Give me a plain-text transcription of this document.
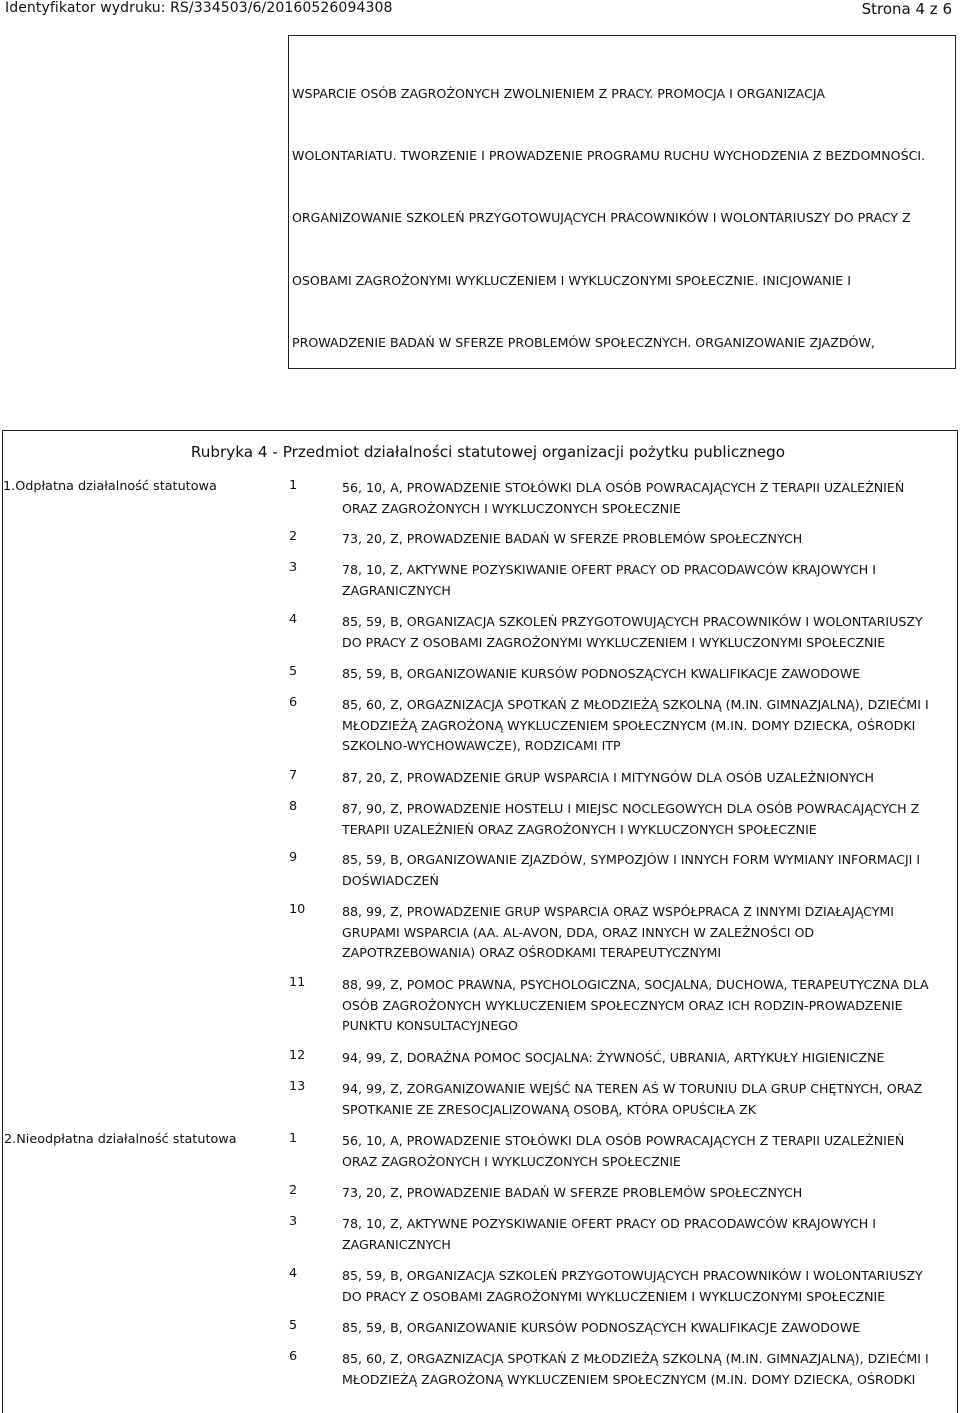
Identyfikator wydruku: RS/334503/6/20160526094308	Strona 4 z 6

WSPARCIE OSÓB ZAGROŻONYCH ZWOLNIENIEM Z PRACY. PROMOCJA I ORGANIZACJA

WOLONTARIATU. TWORZENIE I PROWADZENIE PROGRAMU RUCHU WYCHODZENIA Z BEZDOMNOŚCI.

ORGANIZOWANIE SZKOLEŃ PRZYGOTOWUJĄCYCH PRACOWNIKÓW I WOLONTARIUSZY DO PRACY Z

OSOBAMI ZAGROŻONYMI WYKLUCZENIEM I WYKLUCZONYMI SPOŁECZNIE. INICJOWANIE I

PROWADZENIE BADAŃ W SFERZE PROBLEMÓW SPOŁECZNYCH. ORGANIZOWANIE ZJAZDÓW,

Rubryka 4 - Przedmiot działalności statutowej organizacji pożytku publicznego
1.Odpłatna działalność statutowa	1	56, 10, A, PROWADZENIE STOŁÓWKI DLA OSÓB POWRACAJĄCYCH Z TERAPII UZALEŻNIEŃ
ORAZ ZAGROŻONYCH I WYKLUCZONYCH SPOŁECZNIE
2	73, 20, Z, PROWADZENIE BADAŃ W SFERZE PROBLEMÓW SPOŁECZNYCH
3	78, 10, Z, AKTYWNE POZYSKIWANIE OFERT PRACY OD PRACODAWCÓW KRAJOWYCH I
ZAGRANICZNYCH
4	85, 59, B, ORGANIZACJA SZKOLEŃ PRZYGOTOWUJĄCYCH PRACOWNIKÓW I WOLONTARIUSZY
DO PRACY Z OSOBAMI ZAGROŻONYMI WYKLUCZENIEM I WYKLUCZONYMI SPOŁECZNIE
5	85, 59, B, ORGANIZOWANIE KURSÓW PODNOSZĄCYCH KWALIFIKACJE ZAWODOWE
6	85, 60, Z, ORGAZNIZACJA SPOTKAŃ Z MŁODZIEŻĄ SZKOLNĄ (M.IN. GIMNAZJALNĄ), DZIEĆMI I
MŁODZIEŻĄ ZAGROŻONĄ WYKLUCZENIEM SPOŁECZNYCM (M.IN. DOMY DZIECKA, OŚRODKI
SZKOLNO-WYCHOWAWCZE), RODZICAMI ITP
7	87, 20, Z, PROWADZENIE GRUP WSPARCIA I MITYNGÓW DLA OSÓB UZALEŻNIONYCH
8	87, 90, Z, PROWADZENIE HOSTELU I MIEJSC NOCLEGOWYCH DLA OSÓB POWRACAJĄCYCH Z
TERAPII UZALEŻNIEŃ ORAZ ZAGROŻONYCH I WYKLUCZONYCH SPOŁECZNIE
9	85, 59, B, ORGANIZOWANIE ZJAZDÓW, SYMPOZJÓW I INNYCH FORM WYMIANY INFORMACJI I
DOŚWIADCZEŃ
10	88, 99, Z, PROWADZENIE GRUP WSPARCIA ORAZ WSPÓŁPRACA Z INNYMI DZIAŁAJĄCYMI
GRUPAMI WSPARCIA (AA. AL-AVON, DDA, ORAZ INNYCH W ZALEŻNOŚCI OD
ZAPOTRZEBOWANIA) ORAZ OŚRODKAMI TERAPEUTYCZNYMI
11	88, 99, Z, POMOC PRAWNA, PSYCHOLOGICZNA, SOCJALNA, DUCHOWA, TERAPEUTYCZNA DLA
OSÓB ZAGROŻONYCH WYKLUCZENIEM SPOŁECZNYCM ORAZ ICH RODZIN-PROWADZENIE
PUNKTU KONSULTACYJNEGO
12	94, 99, Z, DORAŹNA POMOC SOCJALNA: ŻYWNOŚĆ, UBRANIA, ARTYKUŁY HIGIENICZNE
13	94, 99, Z, ZORGANIZOWANIE WEJŚĆ NA TEREN AŚ W TORUNIU DLA GRUP CHĘTNYCH, ORAZ
SPOTKANIE ZE ZRESOCJALIZOWANĄ OSOBĄ, KTÓRA OPUŚCIŁA ZK
2.Nieodpłatna działalność statutowa	1	56, 10, A, PROWADZENIE STOŁÓWKI DLA OSÓB POWRACAJĄCYCH Z TERAPII UZALEŻNIEŃ
ORAZ ZAGROŻONYCH I WYKLUCZONYCH SPOŁECZNIE
2	73, 20, Z, PROWADZENIE BADAŃ W SFERZE PROBLEMÓW SPOŁECZNYCH
3	78, 10, Z, AKTYWNE POZYSKIWANIE OFERT PRACY OD PRACODAWCÓW KRAJOWYCH I
ZAGRANICZNYCH
4	85, 59, B, ORGANIZACJA SZKOLEŃ PRZYGOTOWUJĄCYCH PRACOWNIKÓW I WOLONTARIUSZY
DO PRACY Z OSOBAMI ZAGROŻONYMI WYKLUCZENIEM I WYKLUCZONYMI SPOŁECZNIE
5	85, 59, B, ORGANIZOWANIE KURSÓW PODNOSZĄCYCH KWALIFIKACJE ZAWODOWE
6	85, 60, Z, ORGAZNIZACJA SPOTKAŃ Z MŁODZIEŻĄ SZKOLNĄ (M.IN. GIMNAZJALNĄ), DZIEĆMI I
MŁODZIEŻĄ ZAGROŻONĄ WYKLUCZENIEM SPOŁECZNYCM (M.IN. DOMY DZIECKA, OŚRODKI
